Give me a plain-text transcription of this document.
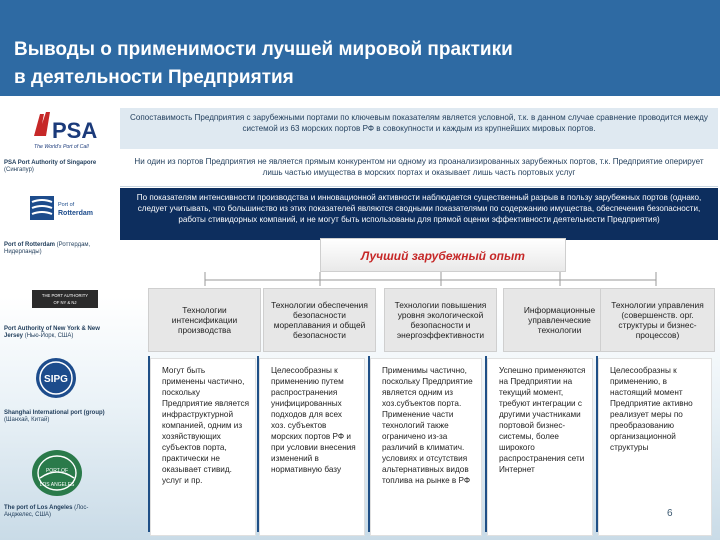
Выводы о применимости лучшей мировой практики
в деятельности Предприятия
PSA
The World's Port of Call
PSA Port Authority of Singapore (Сингапур)
Port of
Rotterdam
Port of Rotterdam (Роттердам, Нидерланды)
THE PORT AUTHORITY
OF NY & NJ
Port Authority of New York & New Jersey (Нью-Йорк, США)
SIPG
Shanghai International port (group) (Шанхай, Китай)
PORT OF
LOS ANGELES
The port of Los Angeles (Лос-Анджелес, США)
Сопоставимость Предприятия с зарубежными портами по ключевым показателям является условной, т.к. в данном случае сравнение проводится между системой из 63 морских портов РФ в совокупности и каждым из крупнейших мировых портов.
Ни один из портов Предприятия не является прямым конкурентом ни одному из проанализированных зарубежных портов, т.к. Предприятие оперирует лишь частью имущества в морских портах и оказывает лишь часть портовых услуг
По показателям интенсивности производства и инновационной активности наблюдается существенный разрыв в пользу зарубежных портов (однако, следует учитывать, что большинство из этих показателей являются сводными показателями по содержанию имущества, обеспечения безопасности, работы стивидорных компаний, и не могут быть использованы для прямой оценки эффективности деятельности Предприятия)
Лучший зарубежный опыт
Технологии интенсификации производства
Технологии обеспечения безопасности мореплавания и общей безопасности
Технологии повышения уровня экологической безопасности и энергоэффективности
Информационные управленческие технологии
Технологии управления (совершенств. орг. структуры и бизнес-процессов)
Могут быть применены частично, поскольку Предприятие является инфраструктурной компанией, одним из хозяйствующих субъектов порта, практически не оказывает стивид. услуг и пр.
Целесообразны к применению путем распространения унифицированных подходов для всех хоз. субъектов морских портов РФ и при условии внесения изменений в нормативную базу
Применимы частично, поскольку Предприятие является одним из хоз.субъектов порта. Применение части технологий также ограничено из-за различий в климатич. условиях и отсутствия альтернативных видов топлива на рынке в РФ
Успешно применяются на Предприятии на текущий момент, требуют интеграции с другими участниками портовой бизнес-системы, более широкого распространения сети Интернет
Целесообразны к применению, в настоящий момент Предприятие активно реализует меры по преобразованию организационной структуры
6
